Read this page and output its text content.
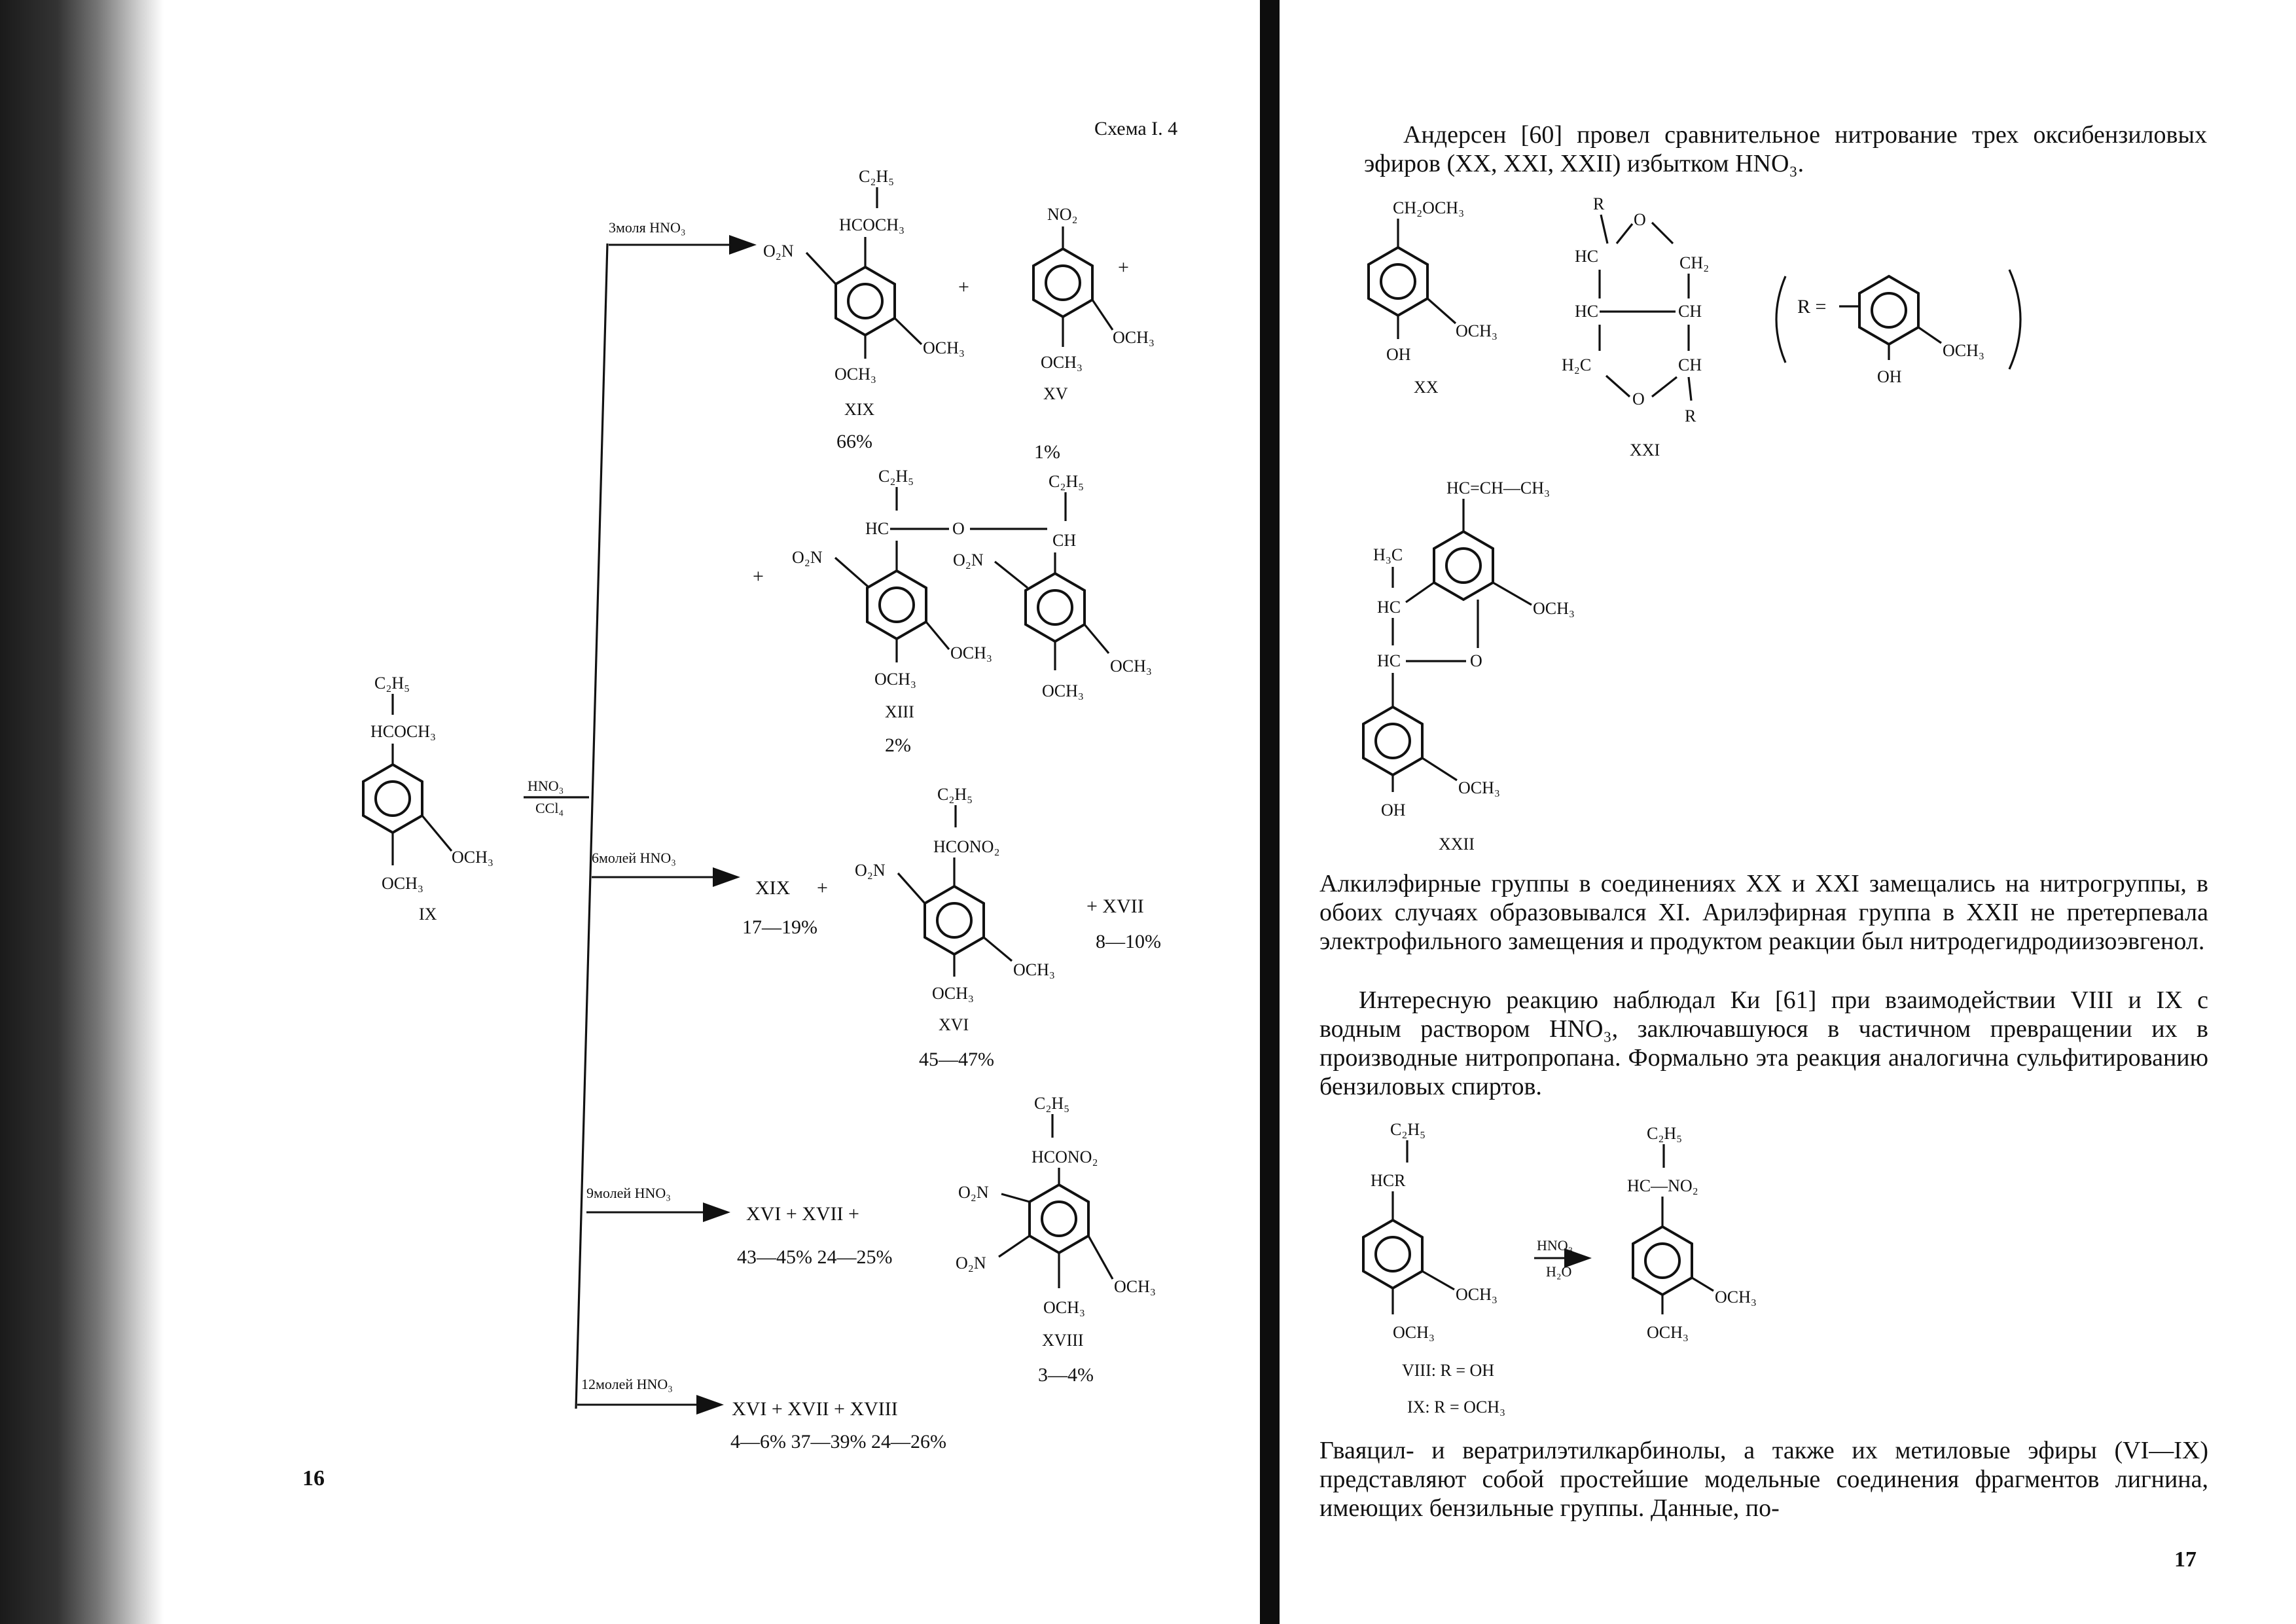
Схема I. 4
C₂H₅
HCOCH₃
OCH₃
OCH₃
IX
HNO₃
CCl₄
3моля HNO₃
C₂H₅
HCOCH₃
O₂N
OCH₃
OCH₃
XIX
66%
+
NO₂
OCH₃
OCH₃
XV
1%
+
+
C₂H₅
HC	O
C₂H₅
CH
O₂N
OCH₃
OCH₃
O₂N
OCH₃
OCH₃
XIII
2%
6молей HNO₃
XIX +
17—19%
C₂H₅
HCONO₂
O₂N
OCH₃
OCH₃
XVI
45—47%
+ XVII
8—10%
9молей HNO₃
XVI + XVII +
43—45% 24—25%
C₂H₅
HCONO₂
O₂N
O₂N
OCH₃
OCH₃
XVIII
3—4%
12молей HNO₃
XVI + XVII + XVIII
4—6% 37—39% 24—26%
CH₂OCH₃
OCH₃
OH
XX
R
O
HC	CH₂
HC	CH
H₂C	CH
O
R
XXI
R =
OCH₃
OH
HC=CH—CH₃
OCH₃
H₃C
HC
HC	O
OCH₃
OH
XXII
C₂H₅
HCR
OCH₃
OCH₃
HNO₃
H₂O
C₂H₅
HC—NO₂
OCH₃
OCH₃
VIII: R = OH
IX: R = OCH₃
Андерсен [60] провел сравнительное нитрование трех оксибензиловых эфиров (XX, XXI, XXII) избытком HNO₃.
Алкилэфирные группы в соединениях XX и XXI замещались на нитрогруппы, в обоих случаях образовывался XI. Арилэфирная группа в XXII не претерпевала электрофильного замещения и продуктом реакции был нитродегидродиизоэвгенол.
Интересную реакцию наблюдал Ки [61] при взаимодействии VIII и IX с водным раствором HNO₃, заключавшуюся в частичном превращении их в производные нитропропана. Формально эта реакция аналогична сульфитированию бензиловых спиртов.
Гваяцил- и вератрилэтилкарбинолы, а также их метиловые эфиры (VI—IX) представляют собой простейшие модельные соединения фрагментов лигнина, имеющих бензильные группы. Данные, по-
16
17
